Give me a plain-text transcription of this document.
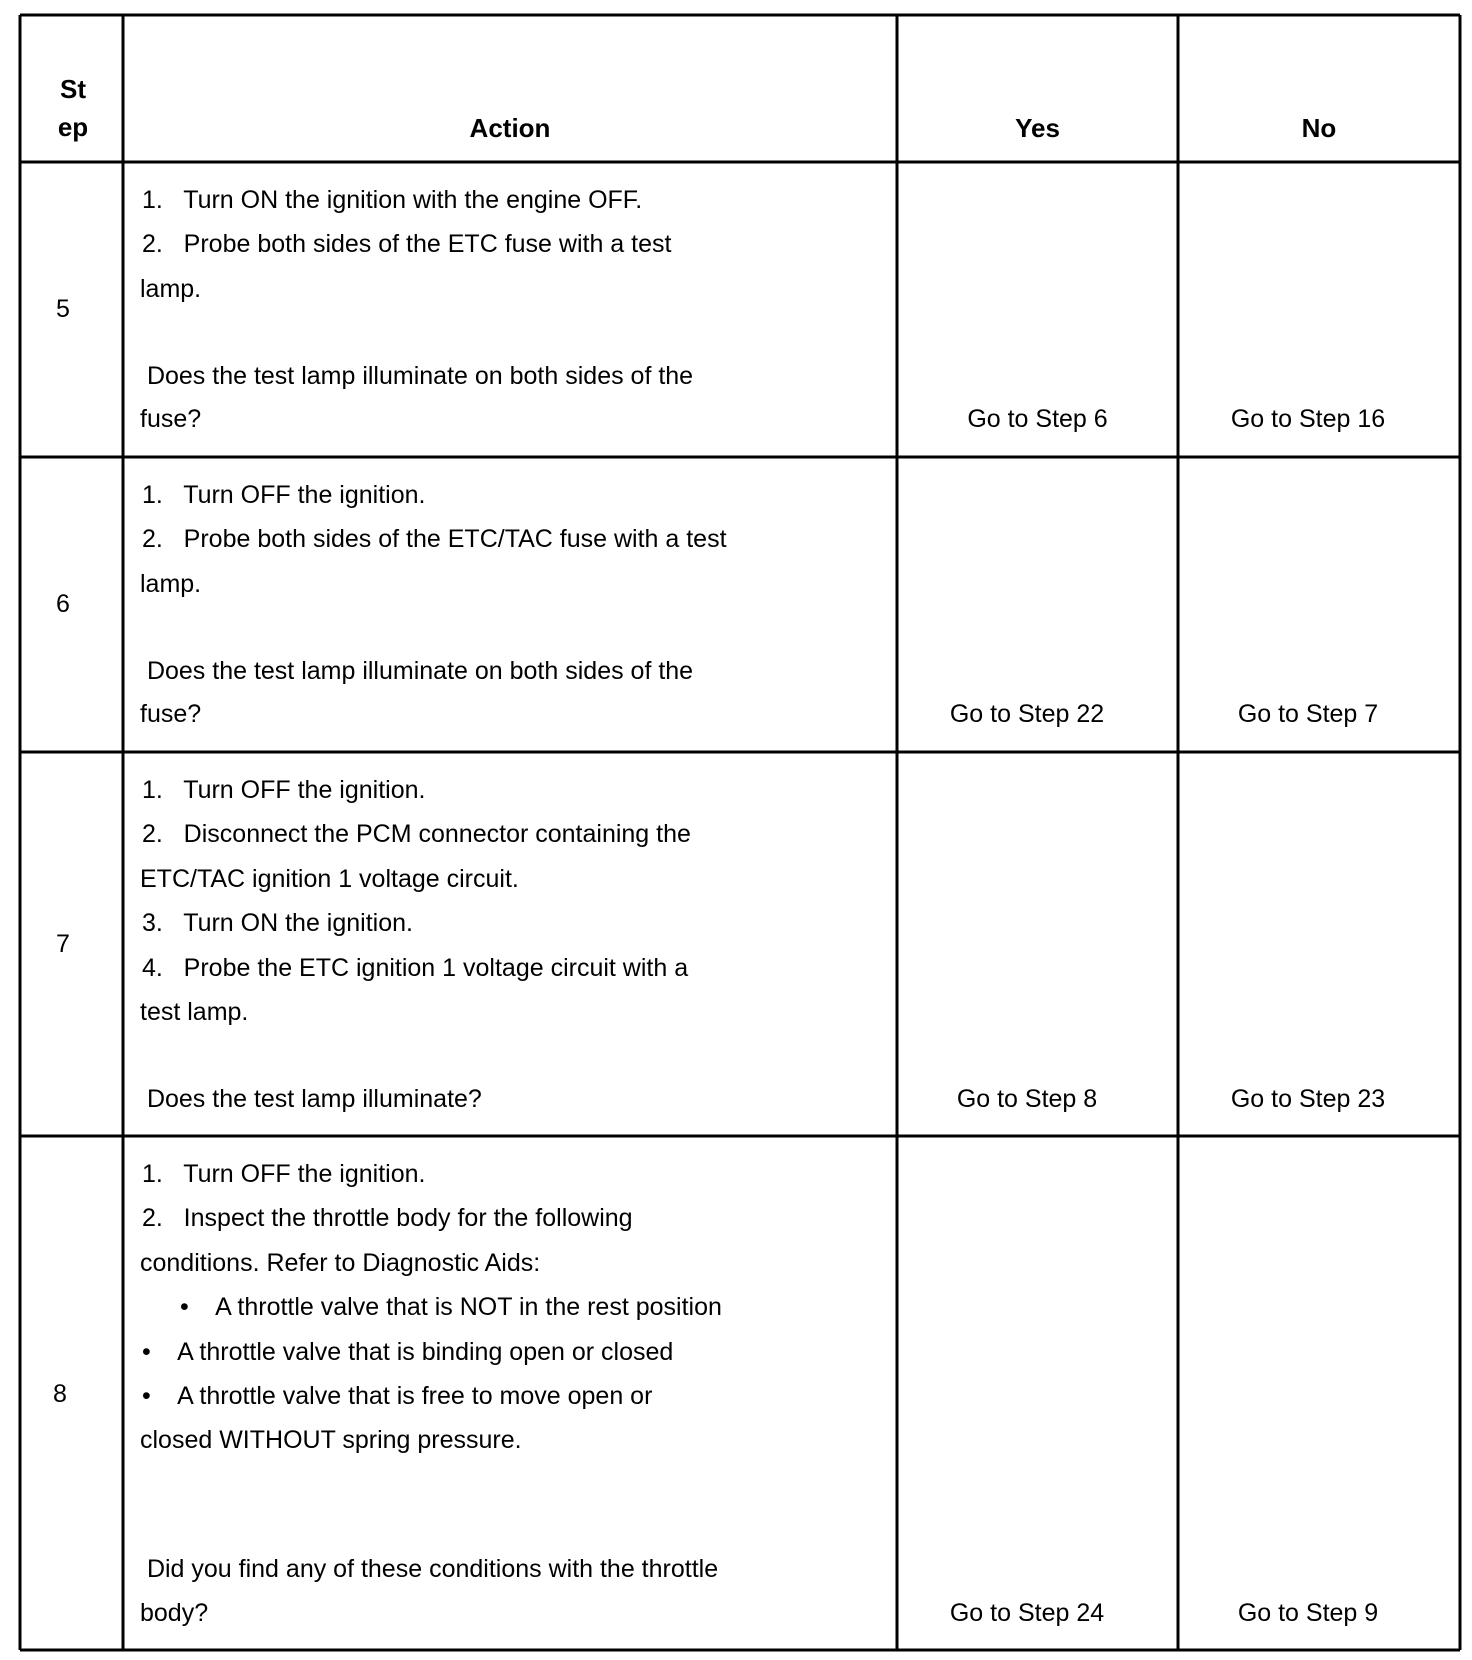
St
ep	Action	Yes	No
5
1.   Turn ON the ignition with the engine OFF.
2.   Probe both sides of the ETC fuse with a test
lamp.
Does the test lamp illuminate on both sides of the
fuse?	Go to Step 6	Go to Step 16
6
1.   Turn OFF the ignition.
2.   Probe both sides of the ETC/TAC fuse with a test
lamp.
Does the test lamp illuminate on both sides of the
fuse?	Go to Step 22	Go to Step 7
7
1.   Turn OFF the ignition.
2.   Disconnect the PCM connector containing the
ETC/TAC ignition 1 voltage circuit.
3.   Turn ON the ignition.
4.   Probe the ETC ignition 1 voltage circuit with a
test lamp.
Does the test lamp illuminate?	Go to Step 8	Go to Step 23
8
1.   Turn OFF the ignition.
2.   Inspect the throttle body for the following
conditions. Refer to Diagnostic Aids:
•    A throttle valve that is NOT in the rest position
•    A throttle valve that is binding open or closed
•    A throttle valve that is free to move open or
closed WITHOUT spring pressure.
Did you find any of these conditions with the throttle
body?	Go to Step 24	Go to Step 9
